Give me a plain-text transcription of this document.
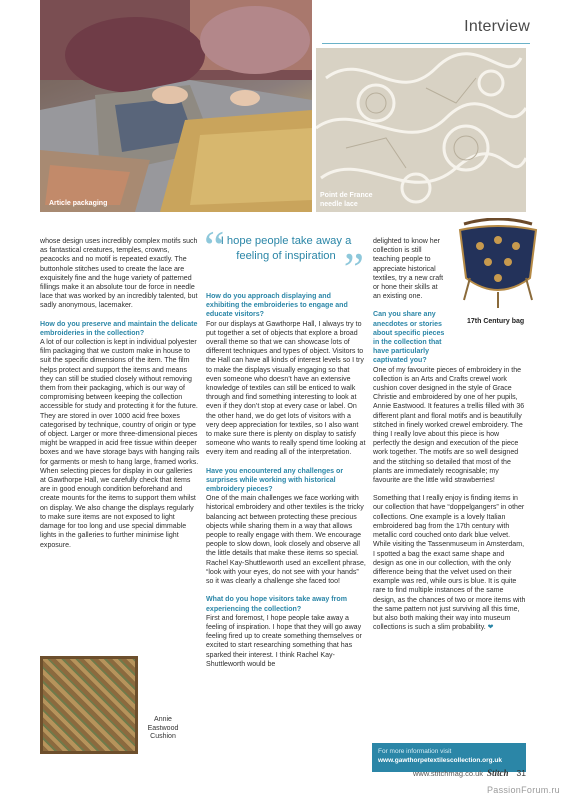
Interview
Article packaging
Point de France
needle lace
17th Century bag
“
I hope people take away a feeling of inspiration ”

whose design uses incredibly complex motifs such as fantastical creatures, temples, crowns, peacocks and no motif is repeated exactly. The buttonhole stitches used to create the lace are exquisitely fine and the huge variety of patterned fillings make it an absolute tour de force in needle lace that was worked by an incredibly talented, but sadly anonymous, lacemaker.

How do you preserve and maintain the delicate embroideries in the collection?

A lot of our collection is kept in individual polyester film packaging that we custom make in house to suit the specific dimensions of the item. The film helps protect and support the items and means they can still be studied closely without removing them from their packaging, which is our way of compromising between keeping the collection accessible for study and protecting it for the future. They are stored in over 1000 acid free boxes categorised by technique, country of origin or type of object. Larger or more three-dimensional pieces might be wrapped in acid free tissue within deeper boxes and we have storage bays with hanging rails for garments or mesh to hang large, framed works. When selecting pieces for display in our galleries at Gawthorpe Hall, we carefully check that items are in good enough condition beforehand and create mounts for the items to support them whilst on display. We also change the displays regularly to make sure items are not exposed to light damage for too long and use special dimmable lights in the galleries to further minimise light exposure.

How do you approach displaying and exhibiting the embroideries to engage and educate visitors?

For our displays at Gawthorpe Hall, I always try to put together a set of objects that explore a broad overall theme so that we can showcase lots of different techniques and types of object. Visitors to the Hall can have all kinds of interest levels so I try to make the displays visually engaging so that even someone who doesn’t have an extensive knowledge of textiles can still be enticed to walk through and find something interesting to look at even if they don’t stop at every case or label. On the other hand, we do get lots of visitors with a very deep appreciation for textiles, so I also want to make sure there is plenty on display to satisfy someone who wants to really spend time looking at every item and reading all of the interpretation.

Have you encountered any challenges or surprises while working with historical embroidery pieces?

One of the main challenges we face working with historical embroidery and other textiles is the tricky balancing act between protecting these precious objects while sharing them in a way that allows people to really engage with them. We encourage people to slow down, look closely and observe all the little details that make these items so special. Rachel Kay-Shuttleworth used an excellent phrase, “look with your eyes, do not see with your hands” so it was clearly a challenge she faced too!

What do you hope visitors take away from experiencing the collection?

First and foremost, I hope people take away a feeling of inspiration. I hope that they will go away feeling fired up to create something themselves or excited to start researching something that has sparked their interest. I think Rachel Kay-Shuttleworth would be

delighted to know her collection is still teaching people to appreciate historical textiles, try a new craft or hone their skills at an existing one.

Can you share any anecdotes or stories about specific pieces in the collection that have particularly captivated you?

One of my favourite pieces of embroidery in the collection is an Arts and Crafts crewel work cushion cover designed in the style of Grace Christie and embroidered by one of her pupils, Annie Eastwood. It features a trellis filled with 36 different plant and floral motifs and is beautifully stitched in finely worked crewel embroidery. The thing I really love about this piece is how perfectly the design and execution of the piece work together. The motifs are so well designed and the stitching so detailed that most of the plants are immediately recognisable; my favourite are the little wild strawberries!

Something that I really enjoy is finding items in our collection that have “doppelgangers” in other collections. One example is a lovely Italian embroidered bag from the 17th century with metallic cord couched onto dark blue velvet. While visiting the Tassenmuseum in Amsterdam, I spotted a bag the exact same shape and design as one in our collection, with the only difference being that the velvet used on their example was red, while ours is blue. It is quite rare to find multiple instances of the same design, as the chances of two or more items with the same pattern not just surviving all this time, but also both making their way into museum collections is such a slim probability. ❤

Annie
Eastwood
Cushion
For more information visit
www.gawthorpetextilescollection.org.uk
www.stitchmag.co.uk Stitch 31
PassionForum.ru
